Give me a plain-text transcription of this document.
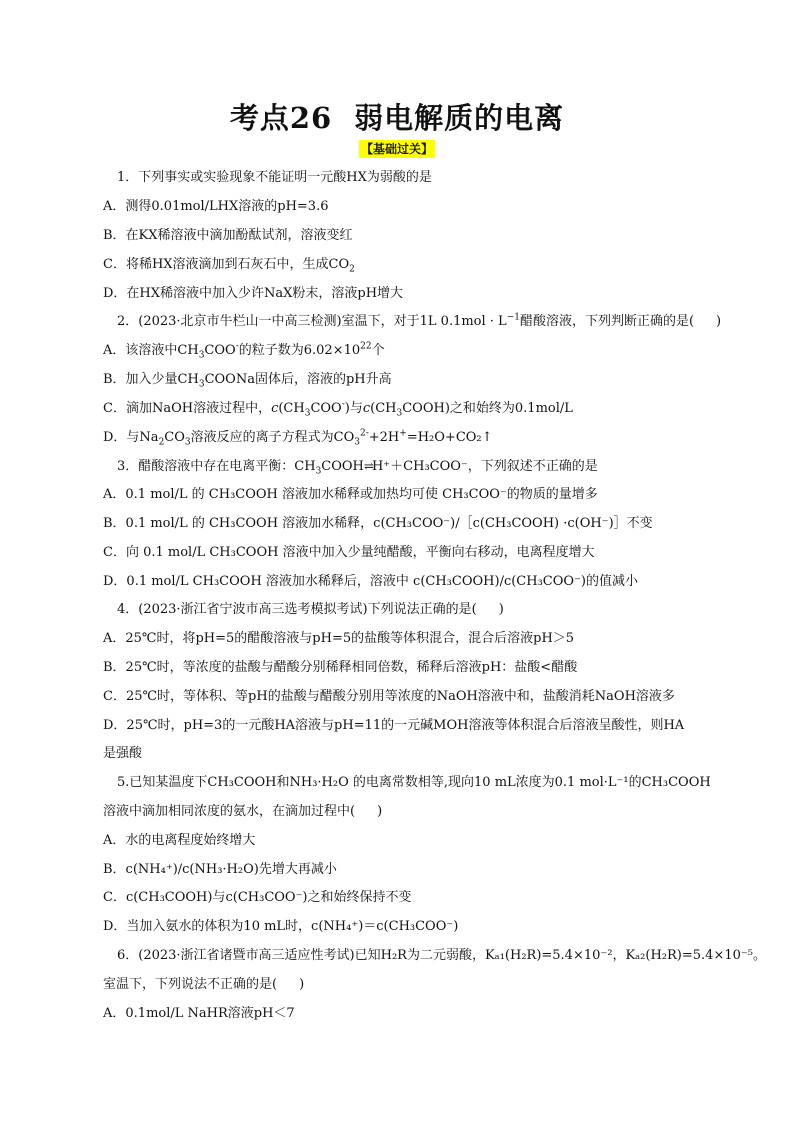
考点26 弱电解质的电离
【基础过关】
1．下列事实或实验现象不能证明一元酸HX为弱酸的是
A．测得0.01mol/LHX溶液的pH=3.6
B．在KX稀溶液中滴加酚酞试剂，溶液变红
C．将稀HX溶液滴加到石灰石中，生成$CO_2$
D．在HX稀溶液中加入少许NaX粉末，溶液pH增大
2．(2023·北京市牛栏山一中高三检测)室温下，对于1L $0.1mol \cdot L^{-1}$醋酸溶液，下列判断正确的是( )
A．该溶液中$CH_3COO^-$的粒子数为$6.02\times 10^{22}$个
B．加入少量$CH_3COONa$固体后，溶液的pH升高
C．滴加NaOH溶液过程中，$c(CH_3COO^-)$与$c(CH_3COOH)$之和始终为0.1mol/L
D．与$Na_2CO_3$溶液反应的离子方程式为$CO_3^{2-}+2H^+=H_2O+CO_2↑$
3．醋酸溶液中存在电离平衡：$CH_3COOH\rightleftharpoons H^++CH_3COO^-$，下列叙述不正确的是
A．0.1 mol/L 的 CH₃COOH 溶液加水稀释或加热均可使 CH₃COO⁻的物质的量增多
B．0.1 mol/L 的 CH₃COOH 溶液加水稀释，c(CH₃COO⁻)/［c(CH₃COOH) ·c(OH⁻)］不变
C．向 0.1 mol/L CH₃COOH 溶液中加入少量纯醋酸，平衡向右移动，电离程度增大
D．0.1 mol/L CH₃COOH 溶液加水稀释后，溶液中 c(CH₃COOH)/c(CH₃COO⁻)的值减小
4．(2023·浙江省宁波市高三选考模拟考试)下列说法正确的是( )
A．25℃时，将pH=5的醋酸溶液与pH=5的盐酸等体积混合，混合后溶液pH＞5
B．25℃时，等浓度的盐酸与醋酸分别稀释相同倍数，稀释后溶液pH：盐酸<醋酸
C．25℃时，等体积、等pH的盐酸与醋酸分别用等浓度的NaOH溶液中和，盐酸消耗NaOH溶液多
D．25℃时，pH=3的一元酸HA溶液与pH=11的一元碱MOH溶液等体积混合后溶液呈酸性，则HA
是强酸
5.已知某温度下CH₃COOH和NH₃·H₂O 的电离常数相等,现向10 mL浓度为0.1 mol·L⁻¹的CH₃COOH
溶液中滴加相同浓度的氨水，在滴加过程中( )
A．水的电离程度始终增大
B．c(NH₄⁺)/c(NH₃·H₂O)先增大再减小
C．c(CH₃COOH)与c(CH₃COO⁻)之和始终保持不变
D．当加入氨水的体积为10 mL时，c(NH₄⁺)＝c(CH₃COO⁻)
6．(2023·浙江省诸暨市高三适应性考试)已知H₂R为二元弱酸，Kₐ₁(H₂R)=5.4×10⁻²，Kₐ₂(H₂R)=5.4×10⁻⁵。
室温下，下列说法不正确的是( )
A．0.1mol/L NaHR溶液pH＜7
